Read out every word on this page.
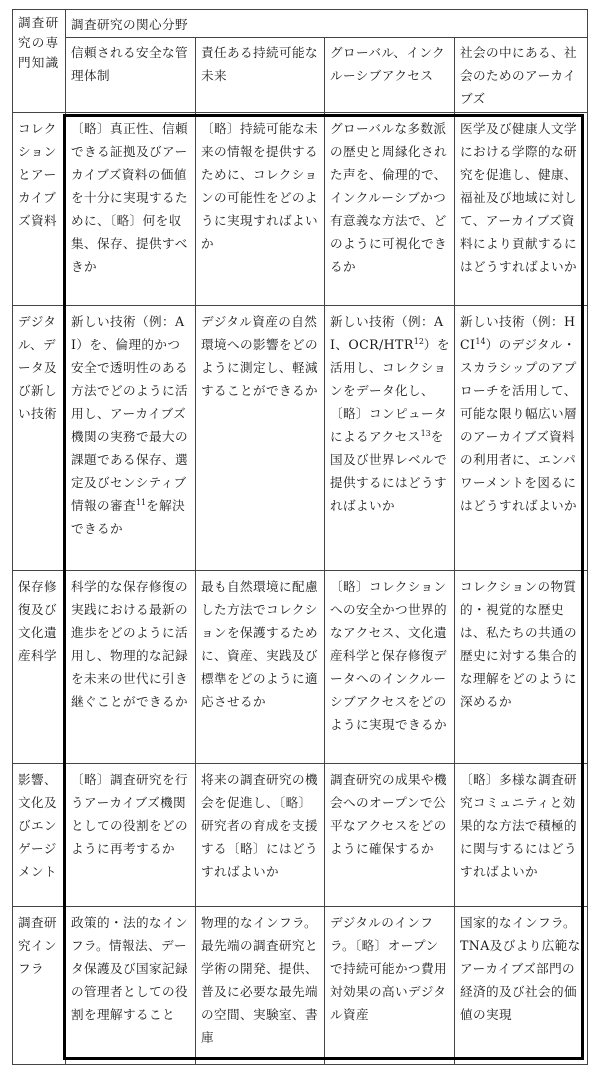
調査研究の専門知識	調査研究の関心分野			
	信頼される安全な管理体制	責任ある持続可能な未来	グローバル、インクルーシブアクセス	社会の中にある、社会のためのアーカイブズ
コレクションとアーカイブズ資料	〔略〕真正性、信頼できる証拠及びアーカイブズ資料の価値を十分に実現するために、〔略〕何を収集、保存、提供すべきか	〔略〕持続可能な未来の情報を提供するために、コレクションの可能性をどのように実現すればよいか	グローバルな多数派の歴史と周縁化された声を、倫理的で、インクルーシブかつ有意義な方法で、どのように可視化できるか	医学及び健康人文学における学際的な研究を促進し、健康、福祉及び地域に対して、アーカイブズ資料により貢献するにはどうすればよいか
デジタル、データ及び新しい技術	新しい技術（例：AI）を、倫理的かつ安全で透明性のある方法でどのように活用し、アーカイブズ機関の実務で最大の課題である保存、選定及びセンシティブ情報の審査$^{11}$を解決できるか	デジタル資産の自然環境への影響をどのように測定し、軽減することができるか	新しい技術（例：AI、OCR/HTR$^{12}$）を活用し、コレクションをデータ化し、〔略〕コンピュータによるアクセス$^{13}$を国及び世界レベルで提供するにはどうすればよいか	新しい技術（例：HCI$^{14}$）のデジタル・スカラシップのアプローチを活用して、可能な限り幅広い層のアーカイブズ資料の利用者に、エンパワーメントを図るにはどうすればよいか
保存修復及び文化遺産科学	科学的な保存修復の実践における最新の進歩をどのように活用し、物理的な記録を未来の世代に引き継ぐことができるか	最も自然環境に配慮した方法でコレクションを保護するために、資産、実践及び標準をどのように適応させるか	〔略〕コレクションへの安全かつ世界的なアクセス、文化遺産科学と保存修復データへのインクルーシブアクセスをどのように実現できるか	コレクションの物質的・視覚的な歴史は、私たちの共通の歴史に対する集合的な理解をどのように深めるか
影響、文化及びエンゲージメント	〔略〕調査研究を行うアーカイブズ機関としての役割をどのように再考するか	将来の調査研究の機会を促進し、〔略〕研究者の育成を支援する〔略〕にはどうすればよいか	調査研究の成果や機会へのオープンで公平なアクセスをどのように確保するか	〔略〕多様な調査研究コミュニティと効果的な方法で積極的に関与するにはどうすればよいか
調査研究インフラ	政策的・法的なインフラ。情報法、データ保護及び国家記録の管理者としての役割を理解すること	物理的なインフラ。最先端の調査研究と学術の開発、提供、普及に必要な最先端の空間、実験室、書庫	デジタルのインフラ。〔略〕オープンで持続可能かつ費用対効果の高いデジタル資産	国家的なインフラ。TNA及びより広範なアーカイブズ部門の経済的及び社会的価値の実現
